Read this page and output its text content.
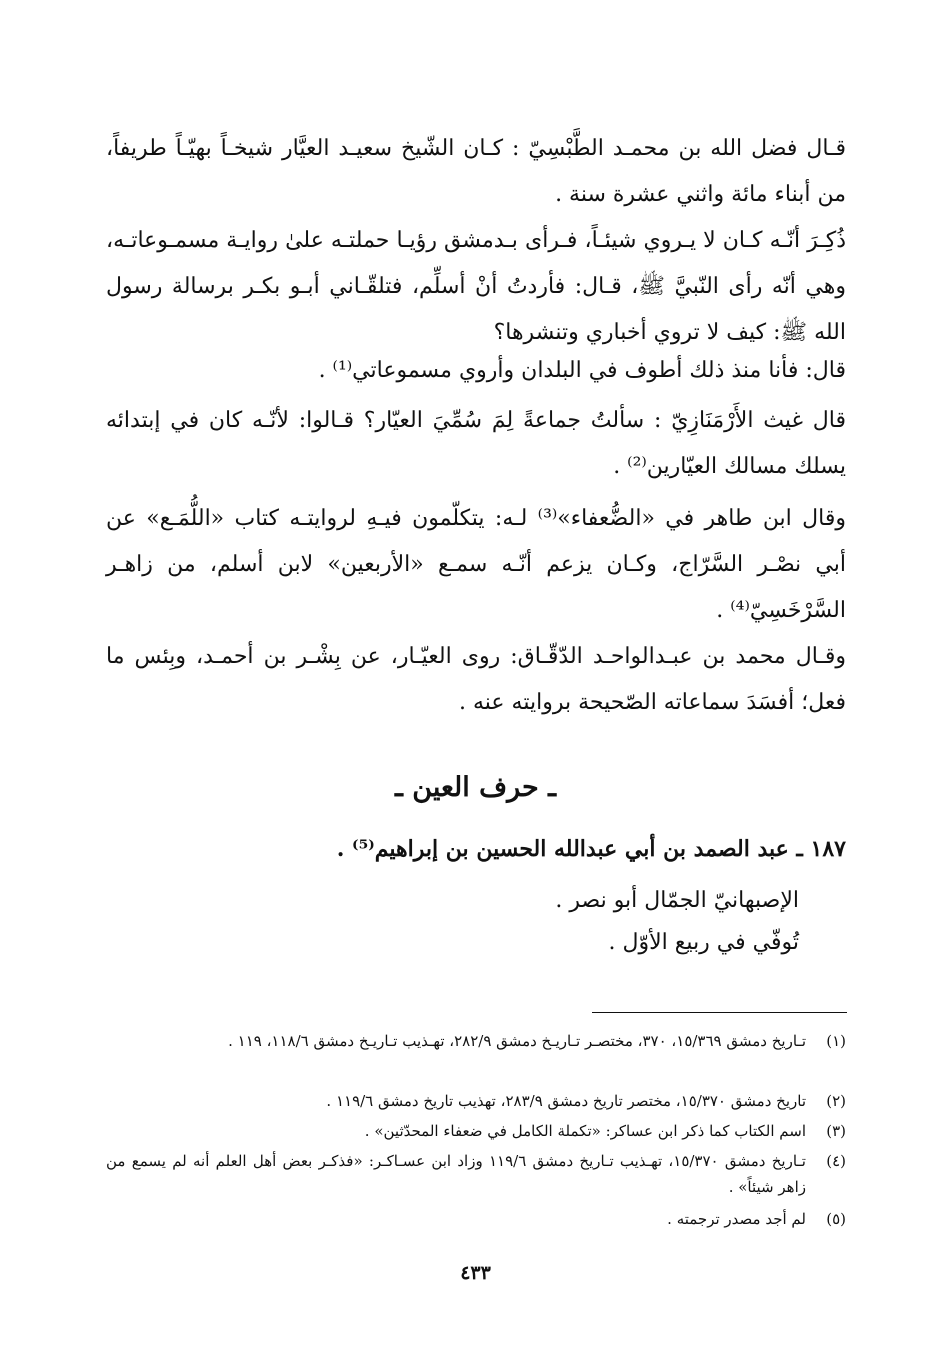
قـال فضل الله بن محمـد الطَّبْسِيّ : كـان الشّيخ سعيـد العيَّار شيخـاً بهيّـاً طريفاً، من أبناء مائة واثني عشرة سنة .

ذُكِـرَ أنّـه كـان لا يـروي شيئـاً، فـرأى بـدمشق رؤيـا حملتـه علىٰ روايـة مسمـوعاتـه، وهي أنّه رأى النّبيَّ ﷺ، قـال: فأردتُ أنْ أسلِّم، فتلقّـاني أبـو بكـر برسالة رسول الله ﷺ: كيف لا تروي أخباري وتنشرها؟

قال: فأنا منذ ذلك أطوف في البلدان وأروي مسموعاتي⁽¹⁾ .

قال غيث الأَرْمَنَازِيّ : سألتُ جماعةً لِمَ سُمِّيَ العيّار؟ قـالوا: لأنّـه كان في إبتدائه يسلك مسالك العيّارين⁽²⁾ .

وقال ابن طاهر في «الضُّعفاء»⁽³⁾ لـه: يتكلّمون فيـهِ لروايتـه كتاب «اللُّمَـع» عن أبي نصْـر السَّرّاج، وكـان يزعم أنّـه سمـع «الأربعين» لابن أسلم، من زاهـر السَّرْخَسِيّ⁽⁴⁾ .

وقـال محمد بن عبـدالواحـد الدّقّـاق: روى العيّـار، عن بِشْـر بن أحمـد، وبِئس ما فعل؛ أفسَدَ سماعاته الصّحيحة بروايته عنه .

ـ حرف العين ـ

١٨٧ ـ عبد الصمد بن أبي عبدالله الحسين بن إبراهيم⁽⁵⁾ .

الإصبهانيّ الجمّال أبو نصر .

تُوفّي في ربيع الأوّل .

(١)
تـاريخ دمشق ١٥/٣٦٩، ٣٧٠، مختصـر تـاريـخ دمشق ٢٨٢/٩، تهـذيب تـاريـخ دمشق ١١٨/٦، ١١٩ .
(٢)
تاريخ دمشق ١٥/٣٧٠، مختصر تاريخ دمشق ٢٨٣/٩، تهذيب تاريخ دمشق ١١٩/٦ .
(٣)
اسم الكتاب كما ذكر ابن عساكر: «تكملة الكامل في ضعفاء المحدّثين» .
(٤)
تـاريخ دمشق ١٥/٣٧٠، تهـذيب تـاريخ دمشق ١١٩/٦ وزاد ابن عسـاكـر: «فذكـر بعض أهل العلم أنه لم يسمع من زاهر شيئاً» .
(٥)
لم أجد مصدر ترجمته .

٤٣٣
